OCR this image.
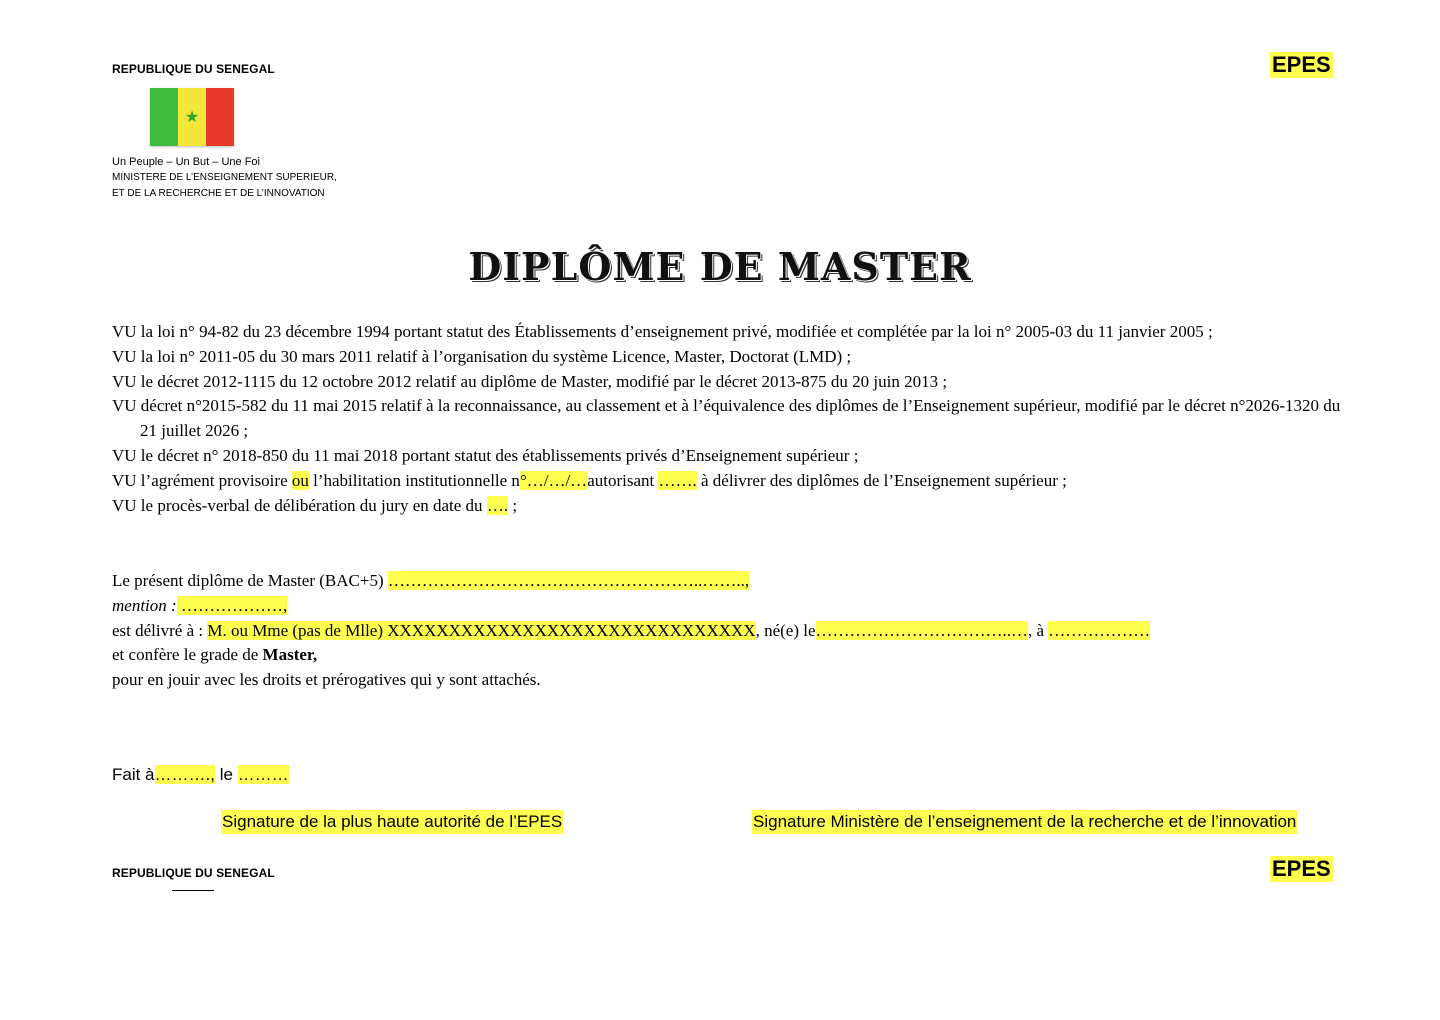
REPUBLIQUE DU SENEGAL	EPES
★
Un Peuple – Un But – Une Foi
MINISTERE DE L’ENSEIGNEMENT SUPERIEUR,
ET DE LA RECHERCHE ET DE L’INNOVATION
DIPLÔME DE MASTER

VU la loi n° 94-82 du 23 décembre 1994 portant statut des Établissements d’enseignement privé, modifiée et complétée par la loi n° 2005-03 du 11 janvier 2005 ;

VU la loi n° 2011-05 du 30 mars 2011 relatif à l’organisation du système Licence, Master, Doctorat (LMD) ;

VU le décret 2012-1115 du 12 octobre 2012 relatif au diplôme de Master, modifié par le décret 2013-875 du 20 juin 2013 ;

VU décret n°2015-582 du 11 mai 2015 relatif à la reconnaissance, au classement et à l’équivalence des diplômes de l’Enseignement supérieur, modifié par le décret n°2026-1320 du 21 juillet 2026 ;

VU le décret n° 2018-850 du 11 mai 2018 portant statut des établissements privés d’Enseignement supérieur ;

VU l’agrément provisoire ou l’habilitation institutionnelle n°…/…/…autorisant ……. à délivrer des diplômes de l’Enseignement supérieur ;

VU le procès-verbal de délibération du jury en date du …. ;

Le présent diplôme de Master (BAC+5) ………………………………………………..……..,

mention : ………………,

est délivré à : M. ou Mme (pas de Mlle) XXXXXXXXXXXXXXXXXXXXXXXXXXXXXX, né(e) le……………………………..…, à ………………

et confère le grade de Master,

pour en jouir avec les droits et prérogatives qui y sont attachés.

Fait à………., le ………
Signature de la plus haute autorité de l’EPES	Signature Ministère de l’enseignement de la recherche et de l’innovation
REPUBLIQUE DU SENEGAL	EPES
